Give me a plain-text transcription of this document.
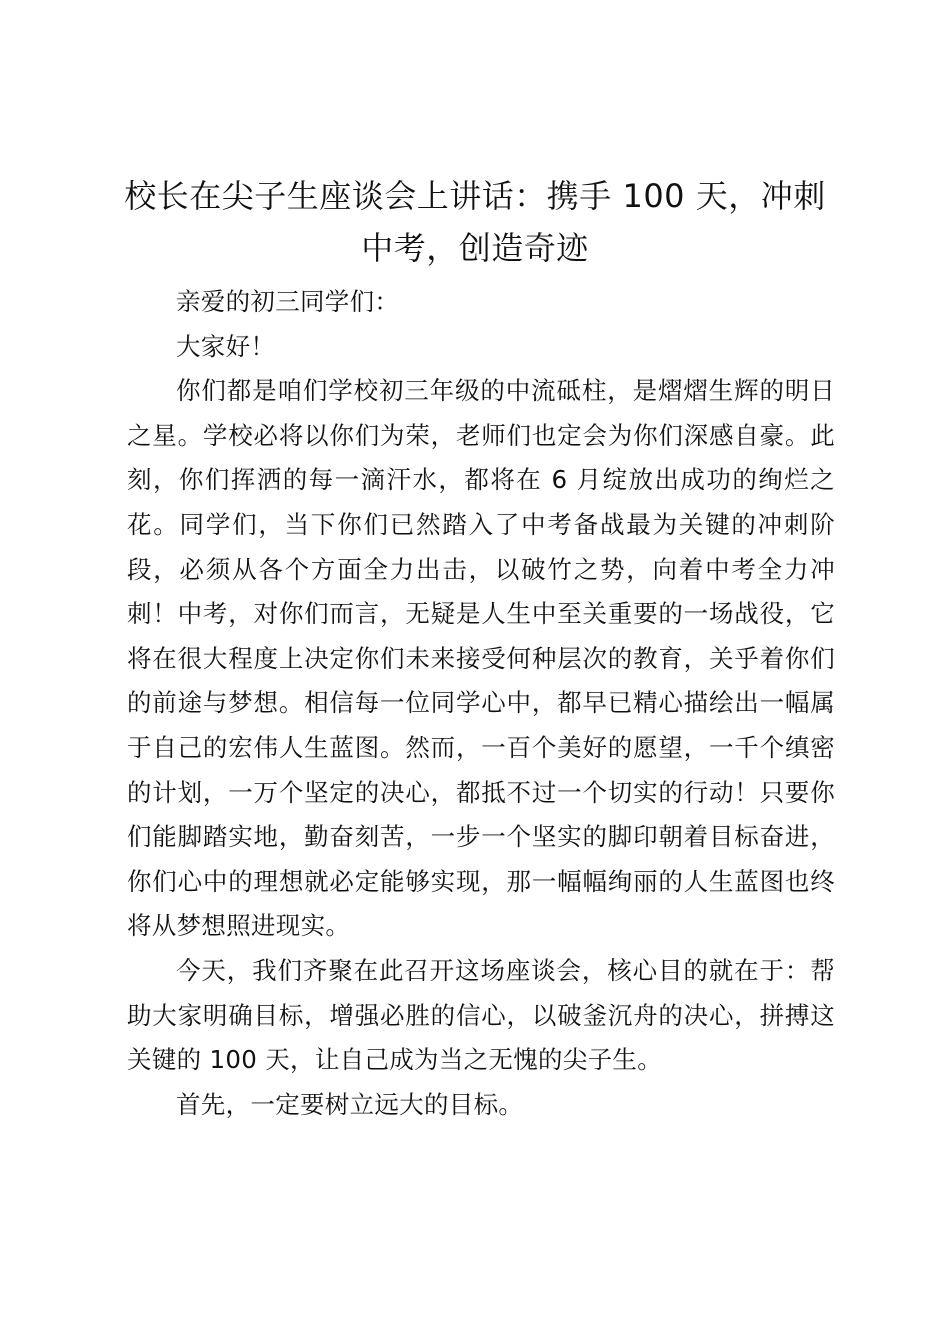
校长在尖子生座谈会上讲话：携手 100 天，冲刺中考，创造奇迹

亲爱的初三同学们：

大家好！

你们都是咱们学校初三年级的中流砥柱，是熠熠生辉的明日之星。学校必将以你们为荣，老师们也定会为你们深感自豪。此刻，你们挥洒的每一滴汗水，都将在 6 月绽放出成功的绚烂之花。同学们，当下你们已然踏入了中考备战最为关键的冲刺阶段，必须从各个方面全力出击，以破竹之势，向着中考全力冲刺！中考，对你们而言，无疑是人生中至关重要的一场战役，它将在很大程度上决定你们未来接受何种层次的教育，关乎着你们的前途与梦想。相信每一位同学心中，都早已精心描绘出一幅属于自己的宏伟人生蓝图。然而，一百个美好的愿望，一千个缜密的计划，一万个坚定的决心，都抵不过一个切实的行动！只要你们能脚踏实地，勤奋刻苦，一步一个坚实的脚印朝着目标奋进，你们心中的理想就必定能够实现，那一幅幅绚丽的人生蓝图也终将从梦想照进现实。

今天，我们齐聚在此召开这场座谈会，核心目的就在于：帮助大家明确目标，增强必胜的信心，以破釜沉舟的决心，拼搏这关键的 100 天，让自己成为当之无愧的尖子生。

首先，一定要树立远大的目标。
